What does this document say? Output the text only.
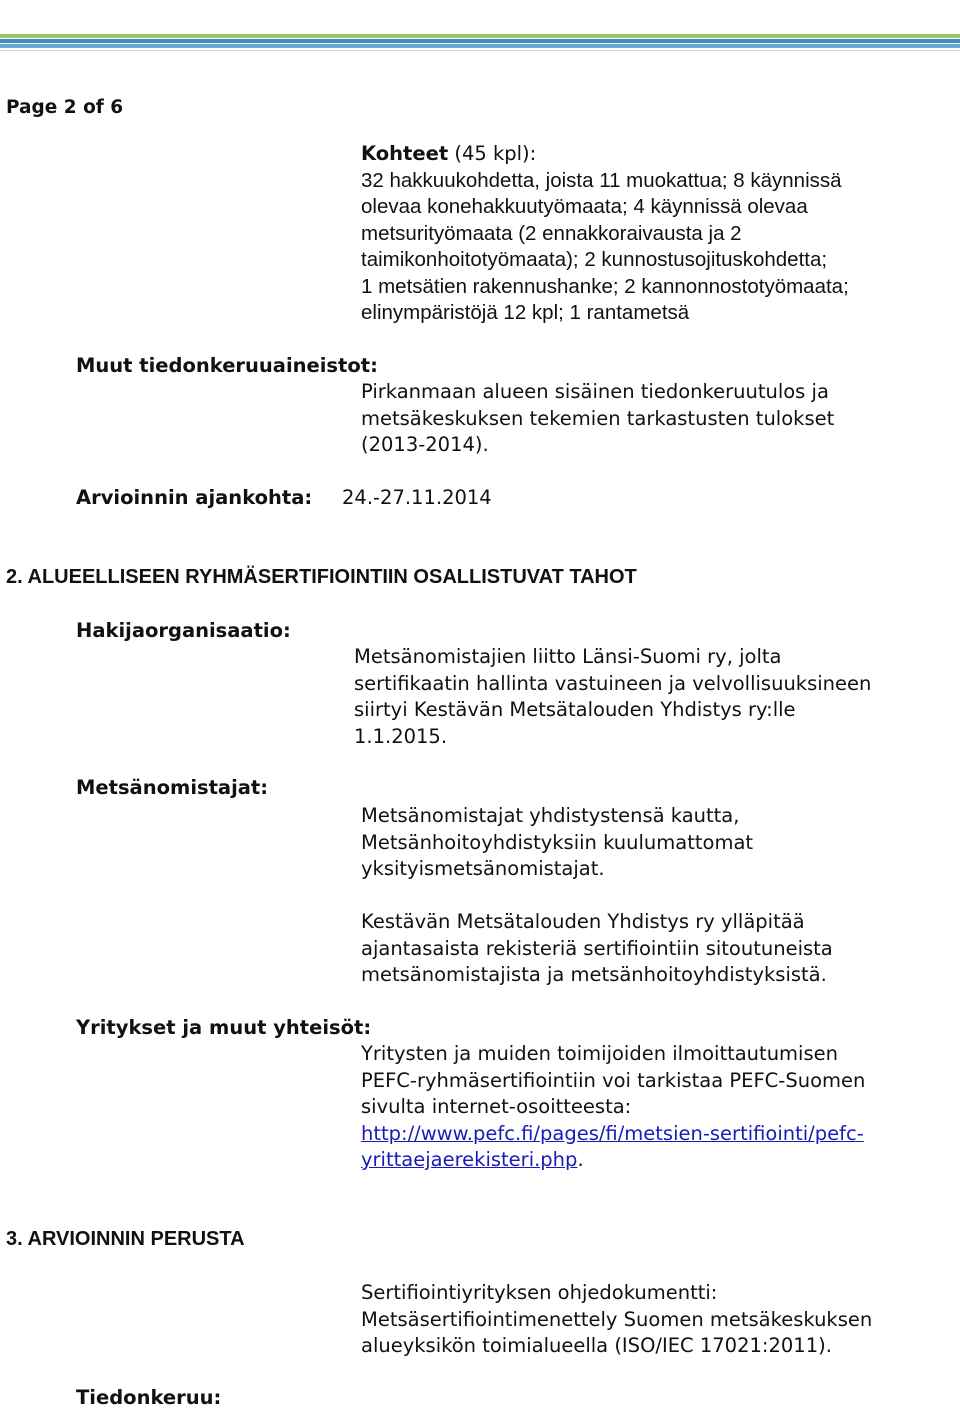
Page 2 of 6
Kohteet (45 kpl):
32 hakkuukohdetta, joista 11 muokattua; 8 käynnissä
olevaa konehakkuutyömaata; 4 käynnissä olevaa
metsurityömaata (2 ennakkoraivausta ja 2
taimikonhoitotyömaata); 2 kunnostusojituskohdetta;
1 metsätien rakennushanke; 2 kannonnostotyömaata;
elinympäristöjä 12 kpl; 1 rantametsä
Muut tiedonkeruuaineistot:
Pirkanmaan alueen sisäinen tiedonkeruutulos ja
metsäkeskuksen tekemien tarkastusten tulokset
(2013-2014).
Arvioinnin ajankohta: 24.-27.11.2014
2. ALUEELLISEEN RYHMÄSERTIFIOINTIIN OSALLISTUVAT TAHOT
Hakijaorganisaatio:
Metsänomistajien liitto Länsi-Suomi ry, jolta
sertifikaatin hallinta vastuineen ja velvollisuuksineen
siirtyi Kestävän Metsätalouden Yhdistys ry:lle
1.1.2015.
Metsänomistajat:
Metsänomistajat yhdistystensä kautta,
Metsänhoitoyhdistyksiin kuulumattomat
yksityismetsänomistajat.
Kestävän Metsätalouden Yhdistys ry ylläpitää
ajantasaista rekisteriä sertifiointiin sitoutuneista
metsänomistajista ja metsänhoitoyhdistyksistä.
Yritykset ja muut yhteisöt:
Yritysten ja muiden toimijoiden ilmoittautumisen
PEFC-ryhmäsertifiointiin voi tarkistaa PEFC-Suomen
sivulta internet-osoitteesta:
http://www.pefc.fi/pages/fi/metsien-sertifiointi/pefc-
yrittaejaerekisteri.php.
3. ARVIOINNIN PERUSTA
Sertifiointiyrityksen ohjedokumentti:
Metsäsertifiointimenettely Suomen metsäkeskuksen
alueyksikön toimialueella (ISO/IEC 17021:2011).
Tiedonkeruu:
